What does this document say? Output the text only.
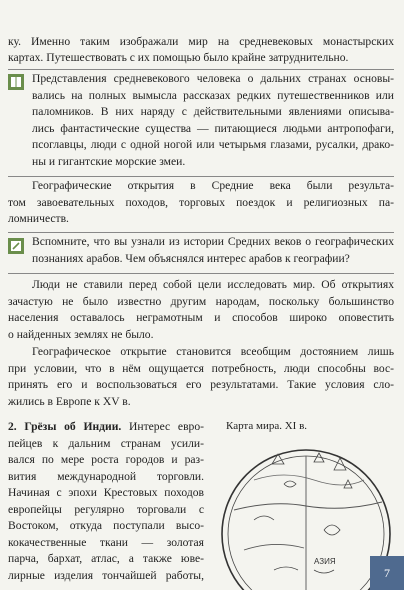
ку. Именно таким изображали мир на средневековых монастырских

картах. Путешествовать с их помощью было крайне затруднительно.

Представления средневекового человека о дальних странах основы-

вались на полных вымысла рассказах редких путешественников или

паломников. В них наряду с действительными явлениями описыва-

лись фантастические существа — питающиеся людьми антропофаги,

псоглавцы, люди с одной ногой или четырьмя глазами, русалки, драко-

ны и гигантские морские змеи.

Географические открытия в Средние века были результа-

том завоевательных походов, торговых поездок и религиозных па-

ломничеств.

Вспомните, что вы узнали из истории Средних веков о географических

познаниях арабов. Чем объяснялся интерес арабов к географии?

Люди не ставили перед собой цели исследовать мир. Об открытиях

зачастую не было известно другим народам, поскольку большинство

населения оставалось неграмотным и способов широко оповестить

о найденных землях не было.

Географическое открытие становится всеобщим достоянием лишь

при условии, что в нём ощущается потребность, люди способны вос-

принять его и воспользоваться его результатами. Такие условия сло-

жились в Европе к XV в.

2. Грёзы об Индии. Интерес евро-

пейцев к дальним странам усили-

вался по мере роста городов и раз-

вития международной торговли.

Начиная с эпохи Крестовых походов

европейцы регулярно торговали с

Востоком, откуда поступали высо-

кокачественные ткани — золотая

парча, бархат, атлас, а также юве-

лирные изделия тончайшей работы,

Карта мира. XI в.
АЗИЯ
7
